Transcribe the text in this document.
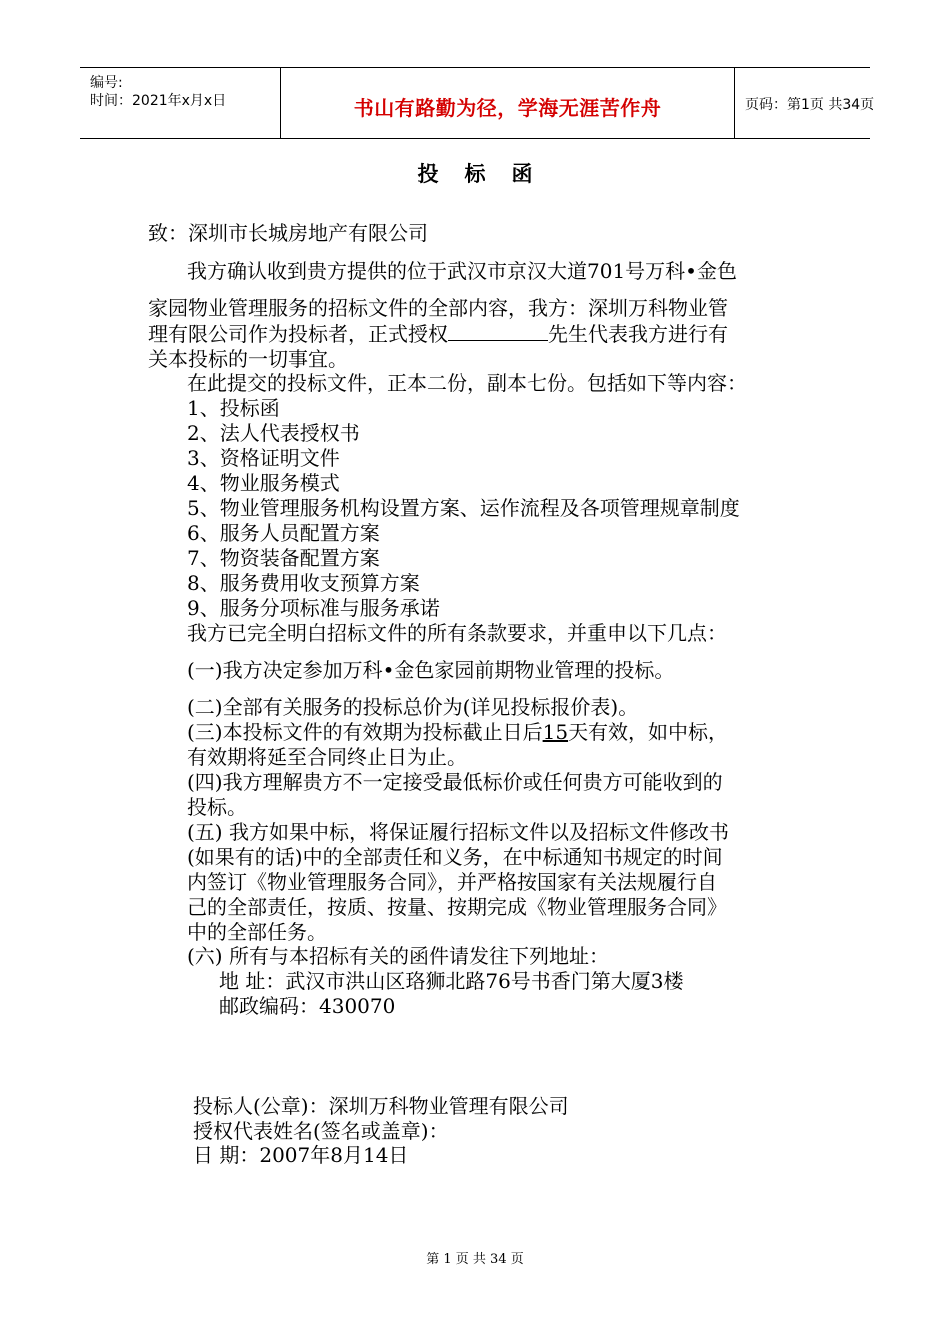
编号:
时间：2021年x月x日	书山有路勤为径，学海无涯苦作舟	页码：第1页 共34页
投标函
致：深圳市长城房地产有限公司
我方确认收到贵方提供的位于武汉市京汉大道701号万科•金色
家园物业管理服务的招标文件的全部内容，我方：深圳万科物业管
理有限公司作为投标者，正式授权	先生代表我方进行有
关本投标的一切事宜。
在此提交的投标文件，正本二份，副本七份。包括如下等内容：
1、投标函
2、法人代表授权书
3、资格证明文件
4、物业服务模式
5、物业管理服务机构设置方案、运作流程及各项管理规章制度
6、服务人员配置方案
7、物资装备配置方案
8、服务费用收支预算方案
9、服务分项标准与服务承诺
我方已完全明白招标文件的所有条款要求，并重申以下几点：
(一)我方决定参加万科•金色家园前期物业管理的投标。
(二)全部有关服务的投标总价为(详见投标报价表)。
(三)本投标文件的有效期为投标截止日后15天有效，如中标，
有效期将延至合同终止日为止。
(四)我方理解贵方不一定接受最低标价或任何贵方可能收到的
投标。
(五) 我方如果中标，将保证履行招标文件以及招标文件修改书
(如果有的话)中的全部责任和义务，在中标通知书规定的时间
内签订《物业管理服务合同》，并严格按国家有关法规履行自
己的全部责任，按质、按量、按期完成《物业管理服务合同》
中的全部任务。
(六) 所有与本招标有关的函件请发往下列地址：
地 址：武汉市洪山区珞狮北路76号书香门第大厦3楼
邮政编码：430070
投标人(公章)：深圳万科物业管理有限公司
授权代表姓名(签名或盖章)：
日 期：2007年8月14日
第 1 页 共 34 页
